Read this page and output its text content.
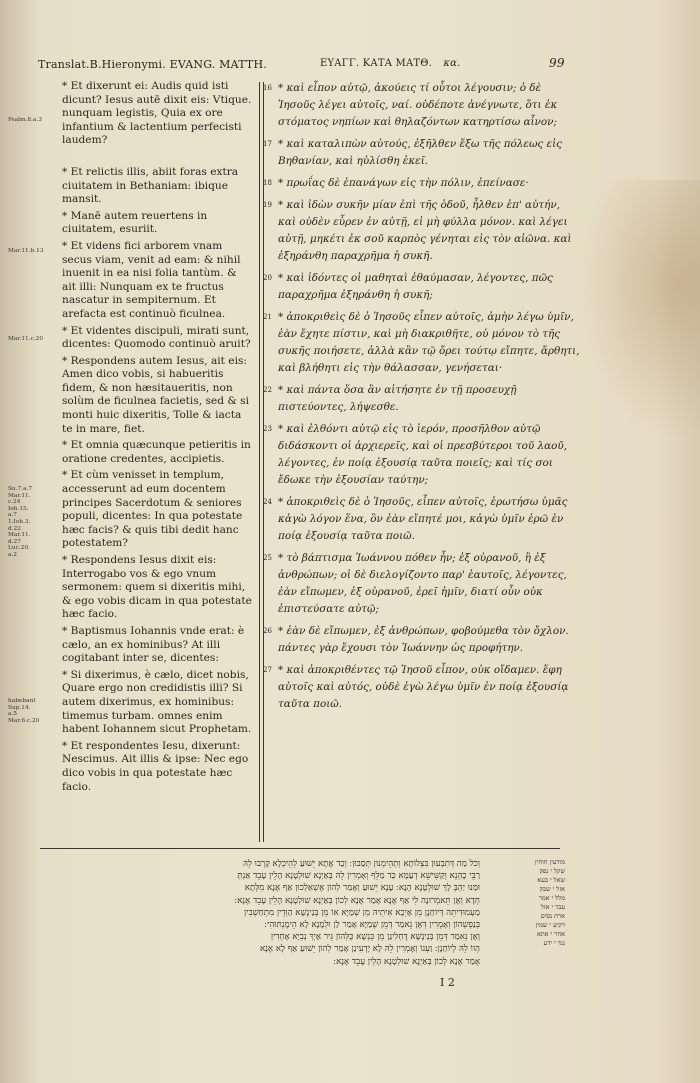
Translat.B.Hieronymi. EVANG. MATTH.	ΕΥΑΓΓ. ΚΑΤΑ ΜΑΤΘ. κα.	99
Psalm.8.a.3
Mar.11.b.13
Mar.11.c.20
Su.7.a.7 Mar.11. c.24 Ioh.15. a.7 1.Ioh.3. d.22 Mar.11. d.27 Luc.20. a.2
habebant Sup.14. a.5 Mar.6.c.20
* Et dixerunt ei: Audis quid isti dicunt? Iesus autē dixit eis: Vtique. nunquam legistis, Quia ex ore infantium & lactentium perfecisti laudem?
* Et relictis illis, abiit foras extra ciuitatem in Bethaniam: ibique mansit.
* Manē autem reuertens in ciuitatem, esuriit.
* Et videns fici arborem vnam secus viam, venit ad eam: & nihil inuenit in ea nisi folia tantùm. & ait illi: Nunquam ex te fructus nascatur in sempiternum. Et arefacta est continuò ficulnea.
* Et videntes discipuli, mirati sunt, dicentes: Quomodo continuò aruit?
* Respondens autem Iesus, ait eis: Amen dico vobis, si habueritis fidem, & non hæsitaueritis, non solùm de ficulnea facietis, sed & si monti huic dixeritis, Tolle & iacta te in mare, fiet.
* Et omnia quæcunque petieritis in oratione credentes, accipietis.
* Et cùm venisset in templum, accesserunt ad eum docentem principes Sacerdotum & seniores populi, dicentes: In qua potestate hæc facis? & quis tibi dedit hanc potestatem?
* Respondens Iesus dixit eis: Interrogabo vos & ego vnum sermonem: quem si dixeritis mihi, & ego vobis dicam in qua potestate hæc facio.
* Baptismus Iohannis vnde erat: è cælo, an ex hominibus? At illi cogitabant inter se, dicentes:
* Si dixerimus, è cælo, dicet nobis, Quare ergo non credidistis illi? Si autem dixerimus, ex hominibus: timemus turbam. omnes enim habent Iohannem sicut Prophetam.
* Et respondentes Iesu, dixerunt: Nescimus. Ait illis & ipse: Nec ego dico vobis in qua potestate hæc facio.
16 * καὶ εἶπον αὐτῷ, ἀκούεις τί οὗτοι λέγουσιν; ὁ δὲ Ἰησοῦς λέγει αὐτοῖς, ναί. οὐδέποτε ἀνέγνωτε, ὅτι ἐκ στόματος νηπίων καὶ θηλαζόντων κατηρτίσω αἶνον;
17 * καὶ καταλιπὼν αὐτούς, ἐξῆλθεν ἔξω τῆς πόλεως εἰς Βηθανίαν, καὶ ηὐλίσθη ἐκεῖ.
18 * πρωΐας δὲ ἐπανάγων εἰς τὴν πόλιν, ἐπείνασε·
19 * καὶ ἰδὼν συκῆν μίαν ἐπὶ τῆς ὁδοῦ, ἦλθεν ἐπ' αὐτήν, καὶ οὐδὲν εὗρεν ἐν αὐτῇ, εἰ μὴ φύλλα μόνον. καὶ λέγει αὐτῇ, μηκέτι ἐκ σοῦ καρπὸς γένηται εἰς τὸν αἰῶνα. καὶ ἐξηράνθη παραχρῆμα ἡ συκῆ.
20 * καὶ ἰδόντες οἱ μαθηταὶ ἐθαύμασαν, λέγοντες, πῶς παραχρῆμα ἐξηράνθη ἡ συκῆ;
21 * ἀποκριθεὶς δὲ ὁ Ἰησοῦς εἶπεν αὐτοῖς, ἀμὴν λέγω ὑμῖν, ἐὰν ἔχητε πίστιν, καὶ μὴ διακριθῆτε, οὐ μόνον τὸ τῆς συκῆς ποιήσετε, ἀλλὰ κἂν τῷ ὄρει τούτῳ εἴπητε, ἄρθητι, καὶ βλήθητι εἰς τὴν θάλασσαν, γενήσεται·
22 * καὶ πάντα ὅσα ἂν αἰτήσητε ἐν τῇ προσευχῇ πιστεύοντες, λήψεσθε.
23 * καὶ ἐλθόντι αὐτῷ εἰς τὸ ἱερόν, προσῆλθον αὐτῷ διδάσκοντι οἱ ἀρχιερεῖς, καὶ οἱ πρεσβύτεροι τοῦ λαοῦ, λέγοντες, ἐν ποίᾳ ἐξουσίᾳ ταῦτα ποιεῖς; καὶ τίς σοι ἔδωκε τὴν ἐξουσίαν ταύτην;
24 * ἀποκριθεὶς δὲ ὁ Ἰησοῦς, εἶπεν αὐτοῖς, ἐρωτήσω ὑμᾶς κἀγὼ λόγον ἕνα, ὃν ἐὰν εἴπητέ μοι, κἀγὼ ὑμῖν ἐρῶ ἐν ποίᾳ ἐξουσίᾳ ταῦτα ποιῶ.
25 * τὸ βάπτισμα Ἰωάννου πόθεν ἦν; ἐξ οὐρανοῦ, ἢ ἐξ ἀνθρώπων; οἱ δὲ διελογίζοντο παρ' ἑαυτοῖς, λέγοντες, ἐὰν εἴπωμεν, ἐξ οὐρανοῦ, ἐρεῖ ἡμῖν, διατί οὖν οὐκ ἐπιστεύσατε αὐτῷ;
26 * ἐὰν δὲ εἴπωμεν, ἐξ ἀνθρώπων, φοβούμεθα τὸν ὄχλον. πάντες γὰρ ἔχουσι τὸν Ἰωάννην ὡς προφήτην.
27 * καὶ ἀποκριθέντες τῷ Ἰησοῦ εἶπον, οὐκ οἴδαμεν. ἔφη αὐτοῖς καὶ αὐτός, οὐδὲ ἐγὼ λέγω ὑμῖν ἐν ποίᾳ ἐξουσίᾳ ταῦτα ποιῶ.
וְכֹל מַה דְּתִבְעוּן בִּצְלוֹתָא וְתְהֵימְנוּן תְּסַבוּן ׃ וְכַד אֲתָא יֵשׁוּעַ לְהֵיכְלָא קַרְבוּ לֵהּ
רַבֵּי כָהְנֵא וְקַשִּׁישֵׁא דְעַמָּא כַּד מַלֵּף וְאָמְרִין לֵהּ בְּאַיְנָא שׁוּלְטָנָא הָלֵין עָבֵד אַנְתְּ
וּמַנוּ יַהְבְּ לָךְ שׁוּלְטָנָא הָנָא ׃ עָנָא יֵשׁוּעַ וְאָמַר לְהוֹן אֶשְׁאַלְכוּן אַף אֶנָא מִלְּתָא
חְדָא וְאֶן תֵּאמְרוּנָה לִי אַף אֶנָא אָמַר אֶנָא לְכוֹן בְּאַיְנָא שׁוּלְטָנָא הָלֵין עָבֵד אֶנָא ׃
מַעְמוּדִיתֵה דְּיוֹחַנָן מֵן אַיְכָא אִיתֵיהּ מֵן שְׁמַיָּא אוֹ מֵן בְּנַינָשָׁא הַוְדֵין מִתְחַשְׁבִין
בְּנַפְשְׁהוֹן וְאָמְרִין דְּאֶן נֵאמַר דְּמֵן שְׁמַיָּא אָמַר לַן וּלְמָנָא לָא הֵימֶנְתּוּהִי ׃
וְאֶן נֵאמַר דְּמֵן בְּנַינָשָׁא דָּחְלִינַן מֵן כֵּנְשָׁא כֻּלְּהוֹן גֵּיר אַיְךְ נְבִיָּא אָחְדִין
הְווֹ לֵהּ לְיוֹחַנָן ׃ וַעְנוֹ וְאָמְרִין לֵהּ לָא יָדְעִינַן אָמַר לְהוֹן יֵשׁוּעַ אַף לָא אֶנָא
אָמַר אֶנָא לְכוֹן בְּאַיְנָא שׁוּלְטָנָא הָלֵין עָבֵד אֶנָא ׃
מודעין חוחין
שקל י נפק
שאל י בעא
אזל י שבק
מלל י אמר
עבר י אזל
ארת נסים
רקיע י שמין
אחר י אתא
נגד י ידע
I 2
